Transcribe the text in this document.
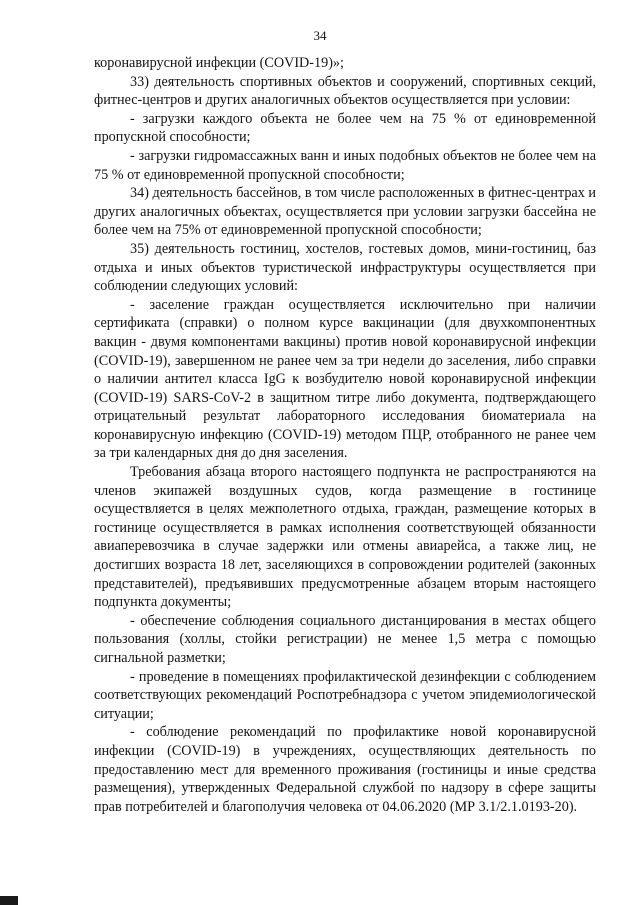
34

коронавирусной инфекции (COVID-19)»;

33) деятельность спортивных объектов и сооружений, спортивных секций, фитнес-центров и других аналогичных объектов осуществляется при условии:

- загрузки каждого объекта не более чем на 75 % от единовременной пропускной способности;

- загрузки гидромассажных ванн и иных подобных объектов не более чем на 75 % от единовременной пропускной способности;

34) деятельность бассейнов, в том числе расположенных в фитнес-центрах и других аналогичных объектах, осуществляется при условии загрузки бассейна не более чем на 75% от единовременной пропускной способности;

35) деятельность гостиниц, хостелов, гостевых домов, мини-гостиниц, баз отдыха и иных объектов туристической инфраструктуры осуществляется при соблюдении следующих условий:

- заселение граждан осуществляется исключительно при наличии сертификата (справки) о полном курсе вакцинации (для двухкомпонентных вакцин - двумя компонентами вакцины) против новой коронавирусной инфекции (COVID-19), завершенном не ранее чем за три недели до заселения, либо справки о наличии антител класса IgG к возбудителю новой коронавирусной инфекции (COVID-19) SARS-CoV-2 в защитном титре либо документа, подтверждающего отрицательный результат лабораторного исследования биоматериала на коронавирусную инфекцию (COVID-19) методом ПЦР, отобранного не ранее чем за три календарных дня до дня заселения.

Требования абзаца второго настоящего подпункта не распространяются на членов экипажей воздушных судов, когда размещение в гостинице осуществляется в целях межполетного отдыха, граждан, размещение которых в гостинице осуществляется в рамках исполнения соответствующей обязанности авиаперевозчика в случае задержки или отмены авиарейса, а также лиц, не достигших возраста 18 лет, заселяющихся в сопровождении родителей (законных представителей), предъявивших предусмотренные абзацем вторым настоящего подпункта документы;

- обеспечение соблюдения социального дистанцирования в местах общего пользования (холлы, стойки регистрации) не менее 1,5 метра с помощью сигнальной разметки;

- проведение в помещениях профилактической дезинфекции с соблюдением соответствующих рекомендаций Роспотребнадзора с учетом эпидемиологической ситуации;

- соблюдение рекомендаций по профилактике новой коронавирусной инфекции (COVID-19) в учреждениях, осуществляющих деятельность по предоставлению мест для временного проживания (гостиницы и иные средства размещения), утвержденных Федеральной службой по надзору в сфере защиты прав потребителей и благополучия человека от 04.06.2020 (МР 3.1/2.1.0193-20).
